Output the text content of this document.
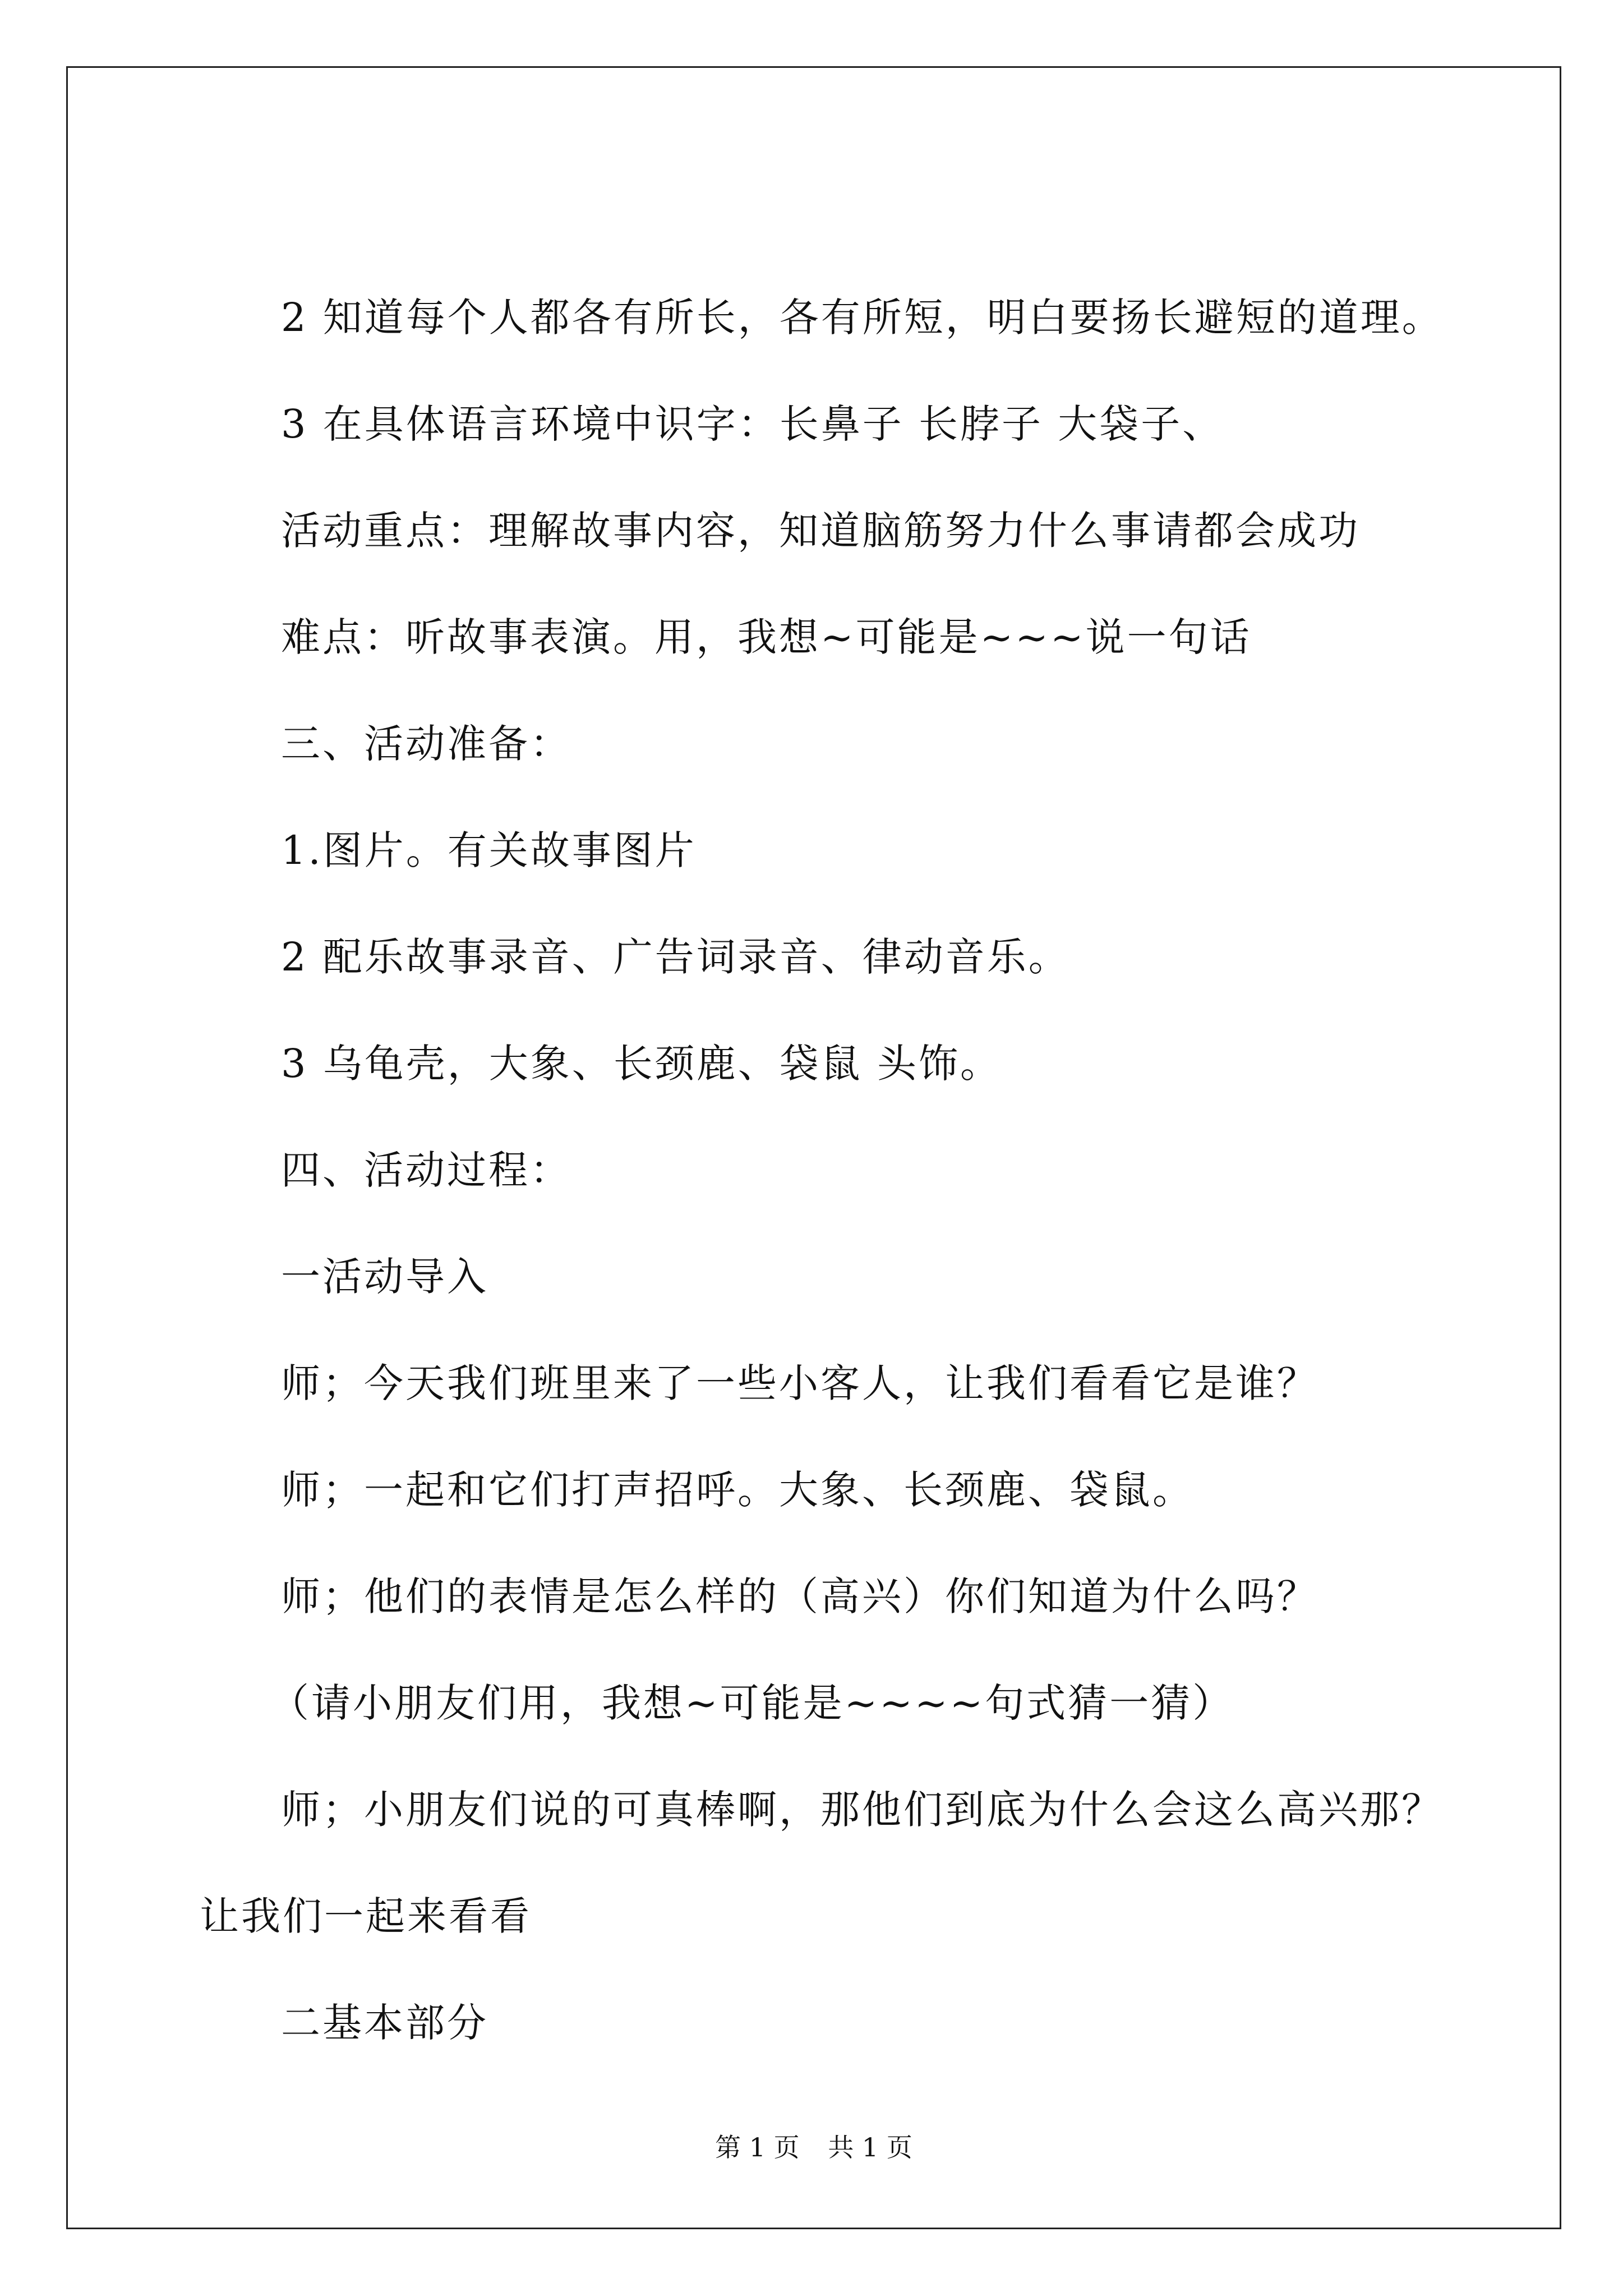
2 知道每个人都各有所长，各有所短，明白要扬长避短的道理。
3 在具体语言环境中识字：长鼻子 长脖子 大袋子、
活动重点：理解故事内容，知道脑筋努力什么事请都会成功
难点：听故事表演。用，我想~可能是~~~说一句话
三、活动准备：
1.图片。有关故事图片
2 配乐故事录音、广告词录音、律动音乐。
3 乌龟壳，大象、长颈鹿、袋鼠 头饰。
四、活动过程：
一活动导入
师；今天我们班里来了一些小客人，让我们看看它是谁？
师；一起和它们打声招呼。大象、长颈鹿、袋鼠。
师；他们的表情是怎么样的（高兴）你们知道为什么吗？
（请小朋友们用，我想~可能是~~~~句式猜一猜）
师；小朋友们说的可真棒啊，那他们到底为什么会这么高兴那？
让我们一起来看看
二基本部分
第 1 页 共 1 页
